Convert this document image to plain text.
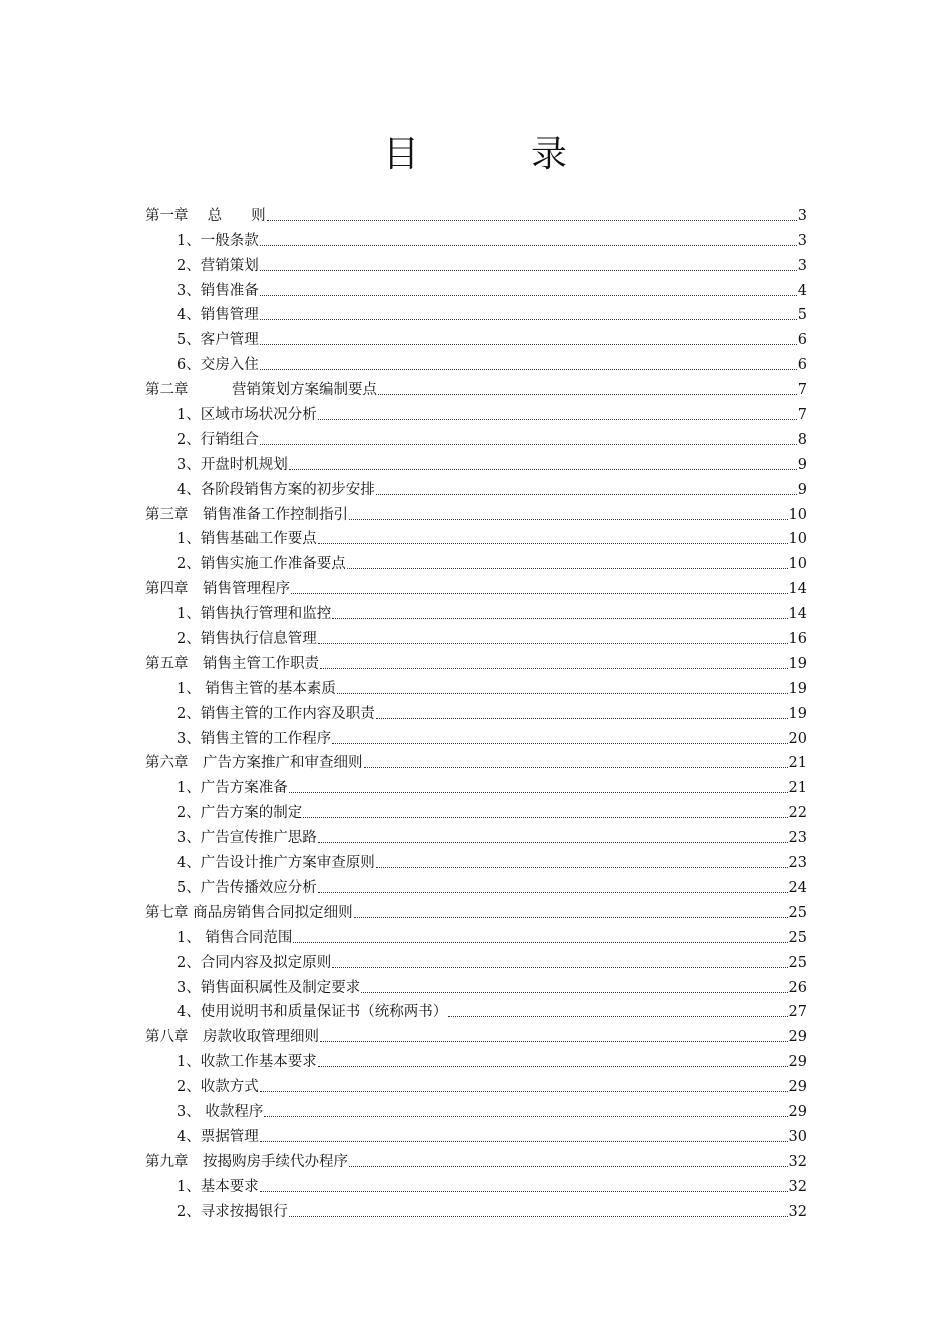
目　录
第一章　 总　　则	3
1、一般条款	3
2、营销策划	3
3、销售准备	4
4、销售管理	5
5、客户管理	6
6、交房入住	6
第二章　　　营销策划方案编制要点	7
1、区域市场状况分析	7
2、行销组合	8
3、开盘时机规划	9
4、各阶段销售方案的初步安排	9
第三章　销售准备工作控制指引	10
1、销售基础工作要点	10
2、销售实施工作准备要点	10
第四章　销售管理程序	14
1、销售执行管理和监控	14
2、销售执行信息管理	16
第五章　销售主管工作职责	19
1、 销售主管的基本素质	19
2、销售主管的工作内容及职责	19
3、销售主管的工作程序	20
第六章　广告方案推广和审查细则	21
1、广告方案准备	21
2、广告方案的制定	22
3、广告宣传推广思路	23
4、广告设计推广方案审查原则	23
5、广告传播效应分析	24
第七章 商品房销售合同拟定细则	25
1、 销售合同范围	25
2、合同内容及拟定原则	25
3、销售面积属性及制定要求	26
4、使用说明书和质量保证书（统称两书）	27
第八章　房款收取管理细则	29
1、收款工作基本要求	29
2、收款方式	29
3、 收款程序	29
4、票据管理	30
第九章　按揭购房手续代办程序	32
1、基本要求	32
2、寻求按揭银行	32
